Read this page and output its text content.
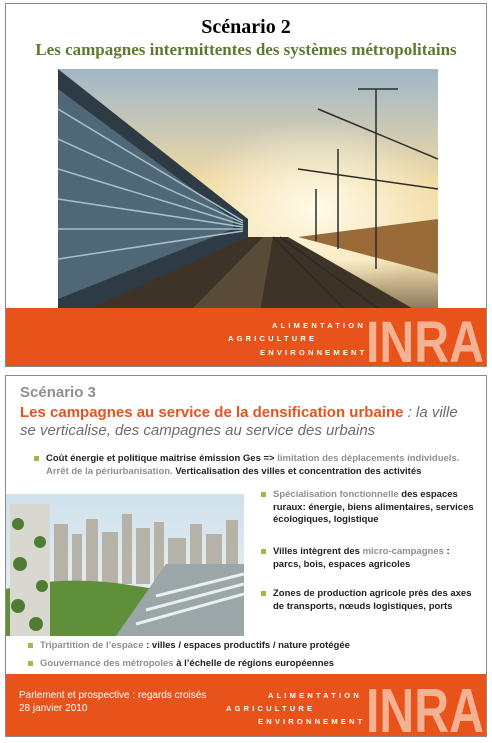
Scénario 2
Les campagnes intermittentes des systèmes métropolitains
ALIMENTATION
AGRICULTURE
ENVIRONNEMENT
INRA
Scénario 3
Les campagnes au service de la densification urbaine : la ville se verticalise, des campagnes au service des urbains
Coût énergie et politique maitrise émission Ges => limitation des déplacements individuels. Arrêt de la périurbanisation. Verticalisation des villes et concentration des activités
Spécialisation fonctionnelle des espaces ruraux: énergie, biens alimentaires, services écologiques, logistique
Villes intègrent des micro-campagnes : parcs, bois, espaces agricoles
Zones de production agricole près des axes de transports, nœuds logistiques, ports
Tripartition de l’espace : villes / espaces productifs / nature protégée
Gouvernance des métropoles à l’échelle de régions européennes
ALIMENTATION
AGRICULTURE
ENVIRONNEMENT INRA
Parlement et prospective : regards croisés
28 janvier 2010
